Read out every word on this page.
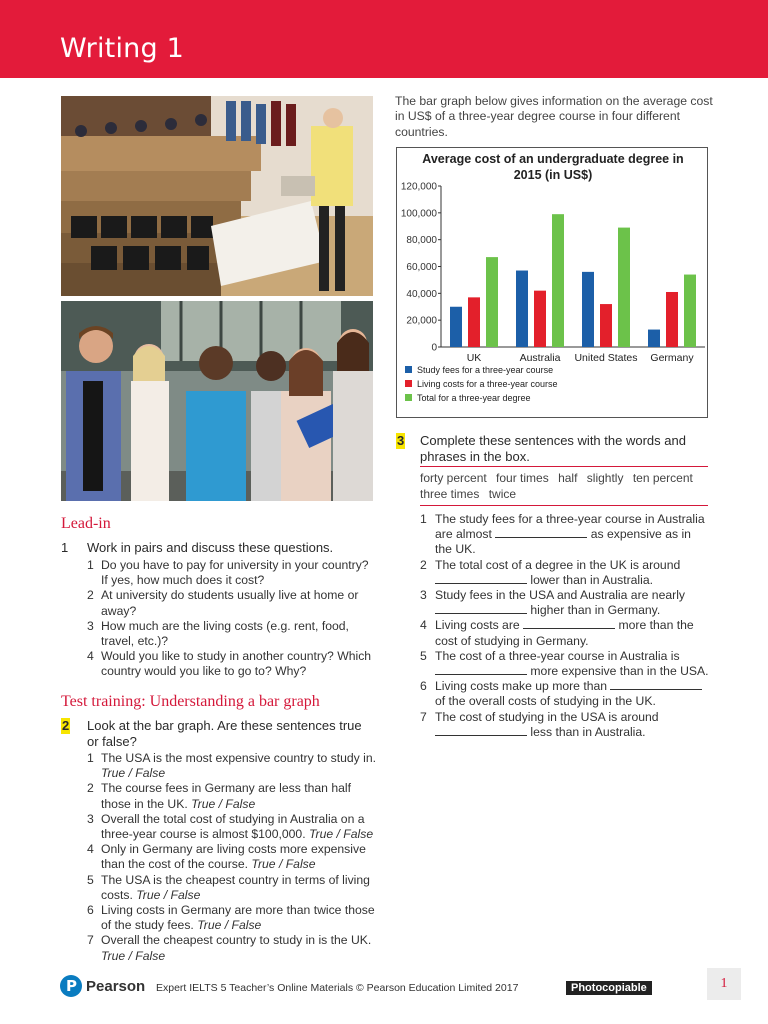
Writing 1
Lead-in
1 Work in pairs and discuss these questions.
1 Do you have to pay for university in your country? If yes, how much does it cost?
2 At university do students usually live at home or away?
3 How much are the living costs (e.g. rent, food, travel, etc.)?
4 Would you like to study in another country? Which country would you like to go to? Why?
Test training: Understanding a bar graph
2 Look at the bar graph. Are these sentences true or false?
1 The USA is the most expensive country to study in.
True / False
2 The course fees in Germany are less than half those in the UK. True / False
3 Overall the total cost of studying in Australia on a three-year course is almost $100,000. True / False
4 Only in Germany are living costs more expensive than the cost of the course. True / False
5 The USA is the cheapest country in terms of living costs. True / False
6 Living costs in Germany are more than twice those of the study fees. True / False
7 Overall the cheapest country to study in is the UK.
True / False
The bar graph below gives information on the average cost in US$ of a three-year degree course in four different countries.
Average cost of an undergraduate degree in
2015 (in US$)
0
20,000
40,000
60,000
80,000
100,000
120,000
UK	Australia United States Germany
Study fees for a three-year course
Living costs for a three-year course
Total for a three-year degree
3 Complete these sentences with the words and phrases in the box.
forty percent four times half slightly ten percent
three times twice
1 The study fees for a three-year course in Australia are almost	as expensive as in the UK.
2 The total cost of a degree in the UK is around  lower than in Australia.
3 Study fees in the USA and Australia are nearly  higher than in Germany.
4 Living costs are	more than the cost of studying in Germany.
5 The cost of a three-year course in Australia is  more expensive than in the USA.
6 Living costs make up more than  of the overall costs of studying in the UK.
7 The cost of studying in the USA is around  less than in Australia.
P Pearson Expert IELTS 5 Teacher’s Online Materials © Pearson Education Limited 2017	Photocopiable	1
